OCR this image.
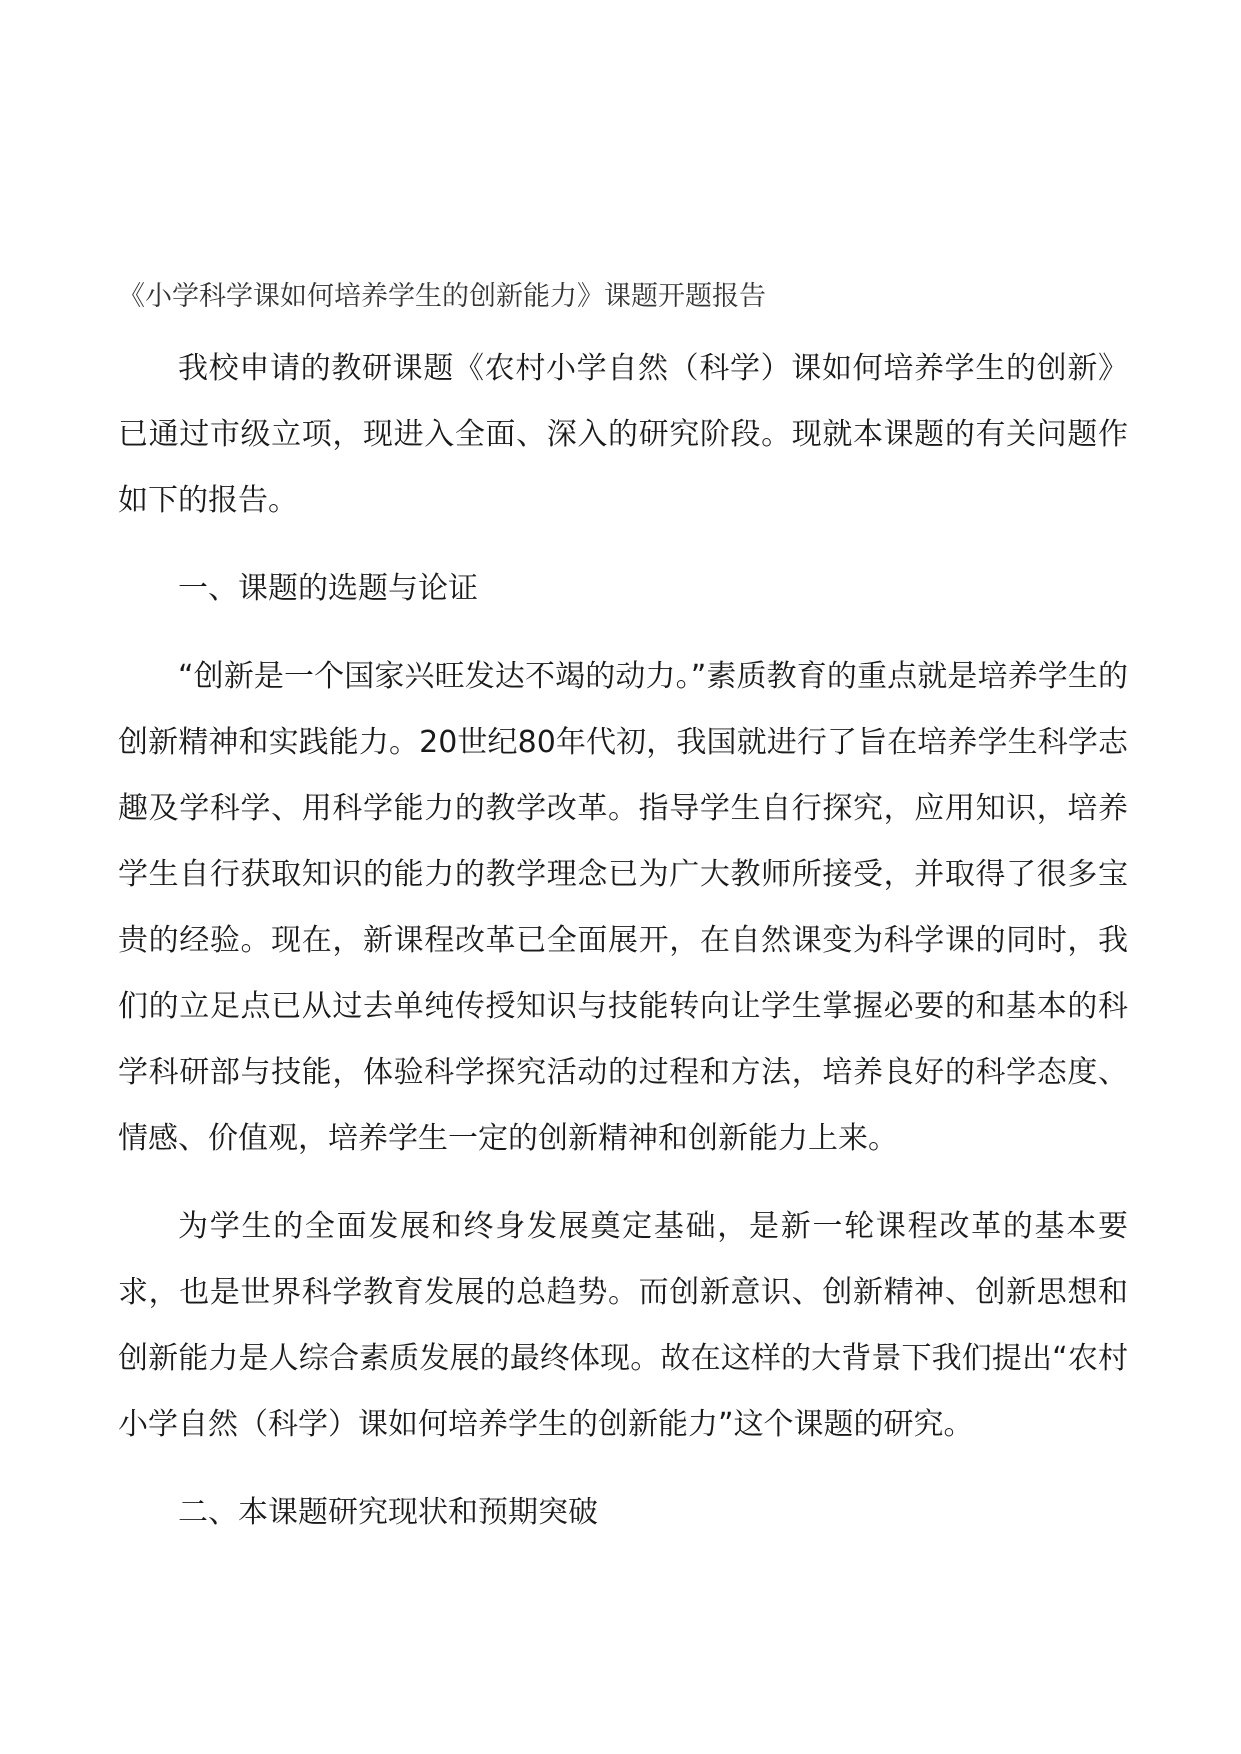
《小学科学课如何培养学生的创新能力》课题开题报告

我校申请的教研课题《农村小学自然（科学）课如何培养学生的创新》已通过市级立项，现进入全面、深入的研究阶段。现就本课题的有关问题作如下的报告。

一、课题的选题与论证

“创新是一个国家兴旺发达不竭的动力。”素质教育的重点就是培养学生的创新精神和实践能力。20世纪80年代初，我国就进行了旨在培养学生科学志趣及学科学、用科学能力的教学改革。指导学生自行探究，应用知识，培养学生自行获取知识的能力的教学理念已为广大教师所接受，并取得了很多宝贵的经验。现在，新课程改革已全面展开，在自然课变为科学课的同时，我们的立足点已从过去单纯传授知识与技能转向让学生掌握必要的和基本的科学科研部与技能，体验科学探究活动的过程和方法，培养良好的科学态度、情感、价值观，培养学生一定的创新精神和创新能力上来。

为学生的全面发展和终身发展奠定基础，是新一轮课程改革的基本要求，也是世界科学教育发展的总趋势。而创新意识、创新精神、创新思想和创新能力是人综合素质发展的最终体现。故在这样的大背景下我们提出“农村小学自然（科学）课如何培养学生的创新能力”这个课题的研究。

二、本课题研究现状和预期突破
